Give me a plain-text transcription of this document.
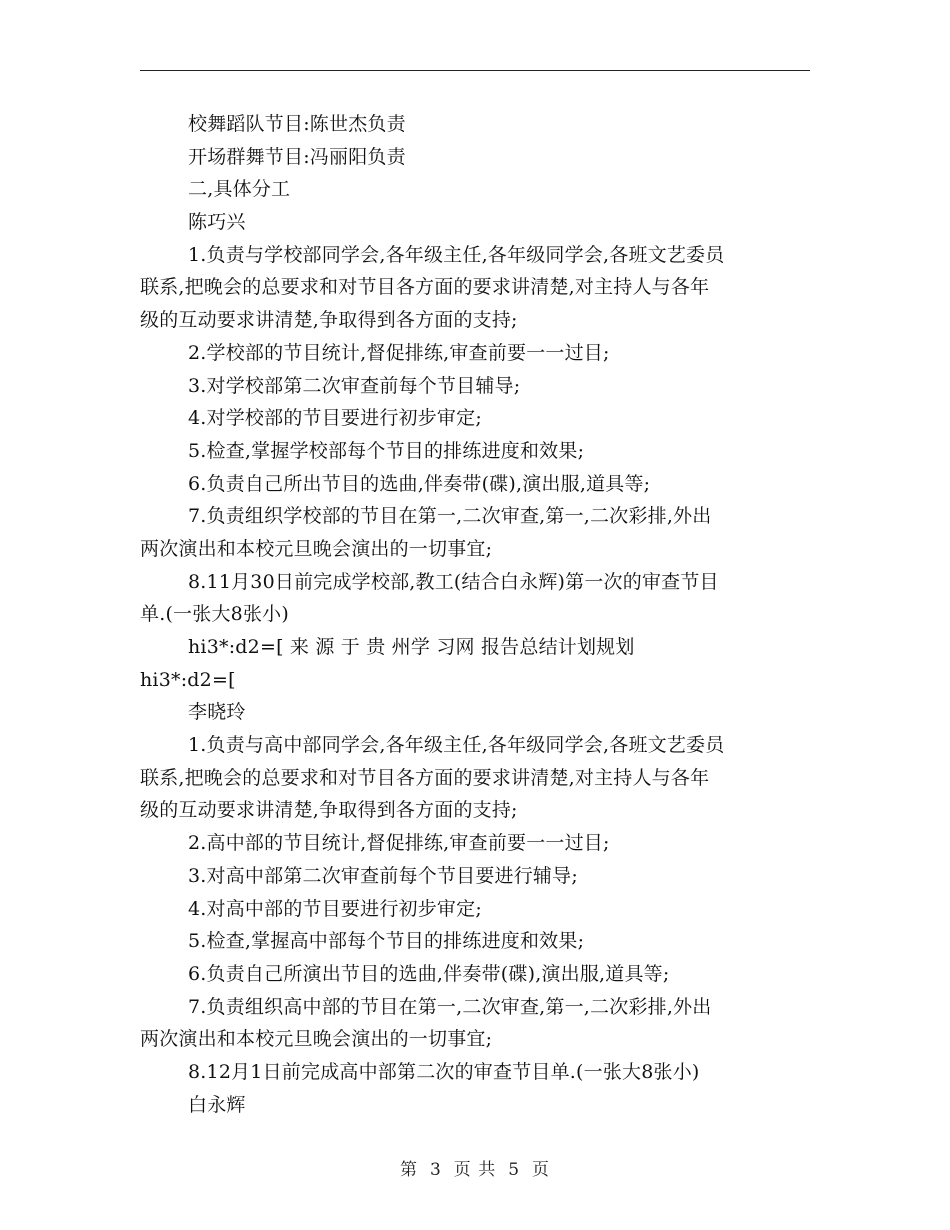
校舞蹈队节目:陈世杰负责
开场群舞节目:冯丽阳负责
二,具体分工
陈巧兴
1.负责与学校部同学会,各年级主任,各年级同学会,各班文艺委员
联系,把晚会的总要求和对节目各方面的要求讲清楚,对主持人与各年
级的互动要求讲清楚,争取得到各方面的支持;
2.学校部的节目统计,督促排练,审查前要一一过目;
3.对学校部第二次审查前每个节目辅导;
4.对学校部的节目要进行初步审定;
5.检查,掌握学校部每个节目的排练进度和效果;
6.负责自己所出节目的选曲,伴奏带(碟),演出服,道具等;
7.负责组织学校部的节目在第一,二次审查,第一,二次彩排,外出
两次演出和本校元旦晚会演出的一切事宜;
8.11月30日前完成学校部,教工(结合白永辉)第一次的审查节目
单.(一张大8张小)
hi3*:d2=[ 来 源 于 贵 州学 习网 报告总结计划规划
hi3*:d2=[
李晓玲
1.负责与高中部同学会,各年级主任,各年级同学会,各班文艺委员
联系,把晚会的总要求和对节目各方面的要求讲清楚,对主持人与各年
级的互动要求讲清楚,争取得到各方面的支持;
2.高中部的节目统计,督促排练,审查前要一一过目;
3.对高中部第二次审查前每个节目要进行辅导;
4.对高中部的节目要进行初步审定;
5.检查,掌握高中部每个节目的排练进度和效果;
6.负责自己所演出节目的选曲,伴奏带(碟),演出服,道具等;
7.负责组织高中部的节目在第一,二次审查,第一,二次彩排,外出
两次演出和本校元旦晚会演出的一切事宜;
8.12月1日前完成高中部第二次的审查节目单.(一张大8张小)
白永辉
第 3 页 共 5 页
